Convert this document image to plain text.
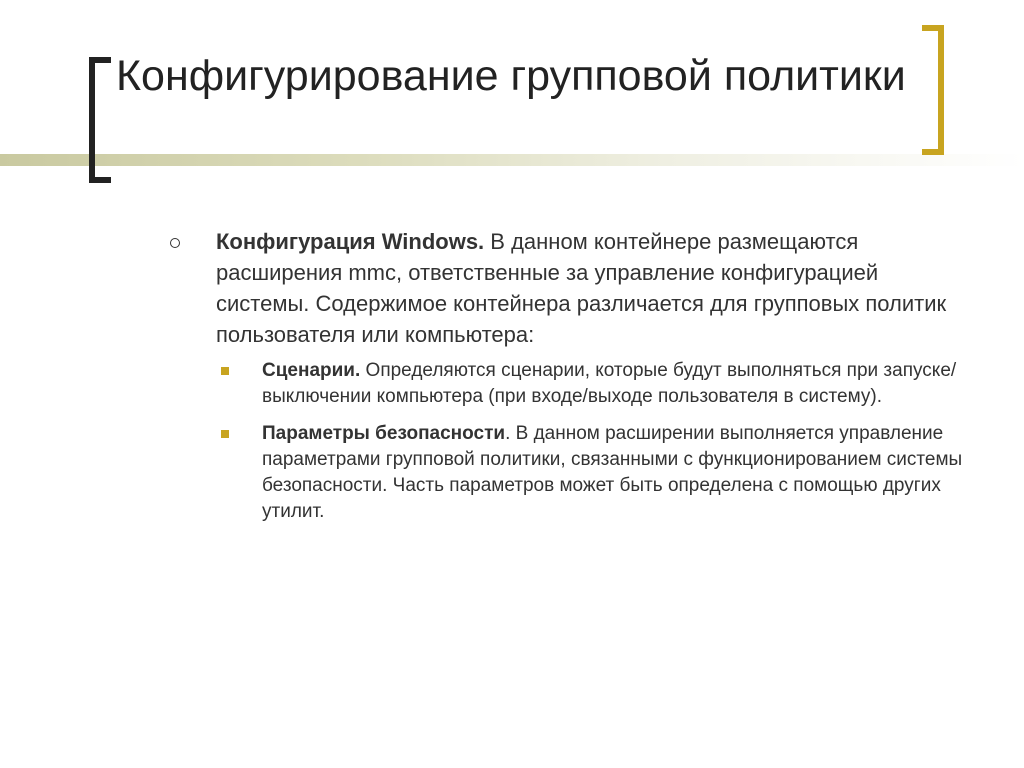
Конфигурирование групповой политики
Конфигурация Windows. В данном контейнере размещаются расширения mmc, ответственные за управление конфигурацией системы. Содержимое контейнера различается для групповых политик пользователя или компьютера:
Сценарии. Определяются сценарии, которые будут выполняться при запуске/выключении компьютера (при входе/выходе пользователя в систему).
Параметры безопасности. В данном расширении выполняется управление параметрами групповой политики, связанными с функционированием системы безопасности. Часть параметров может быть определена с помощью других утилит.
